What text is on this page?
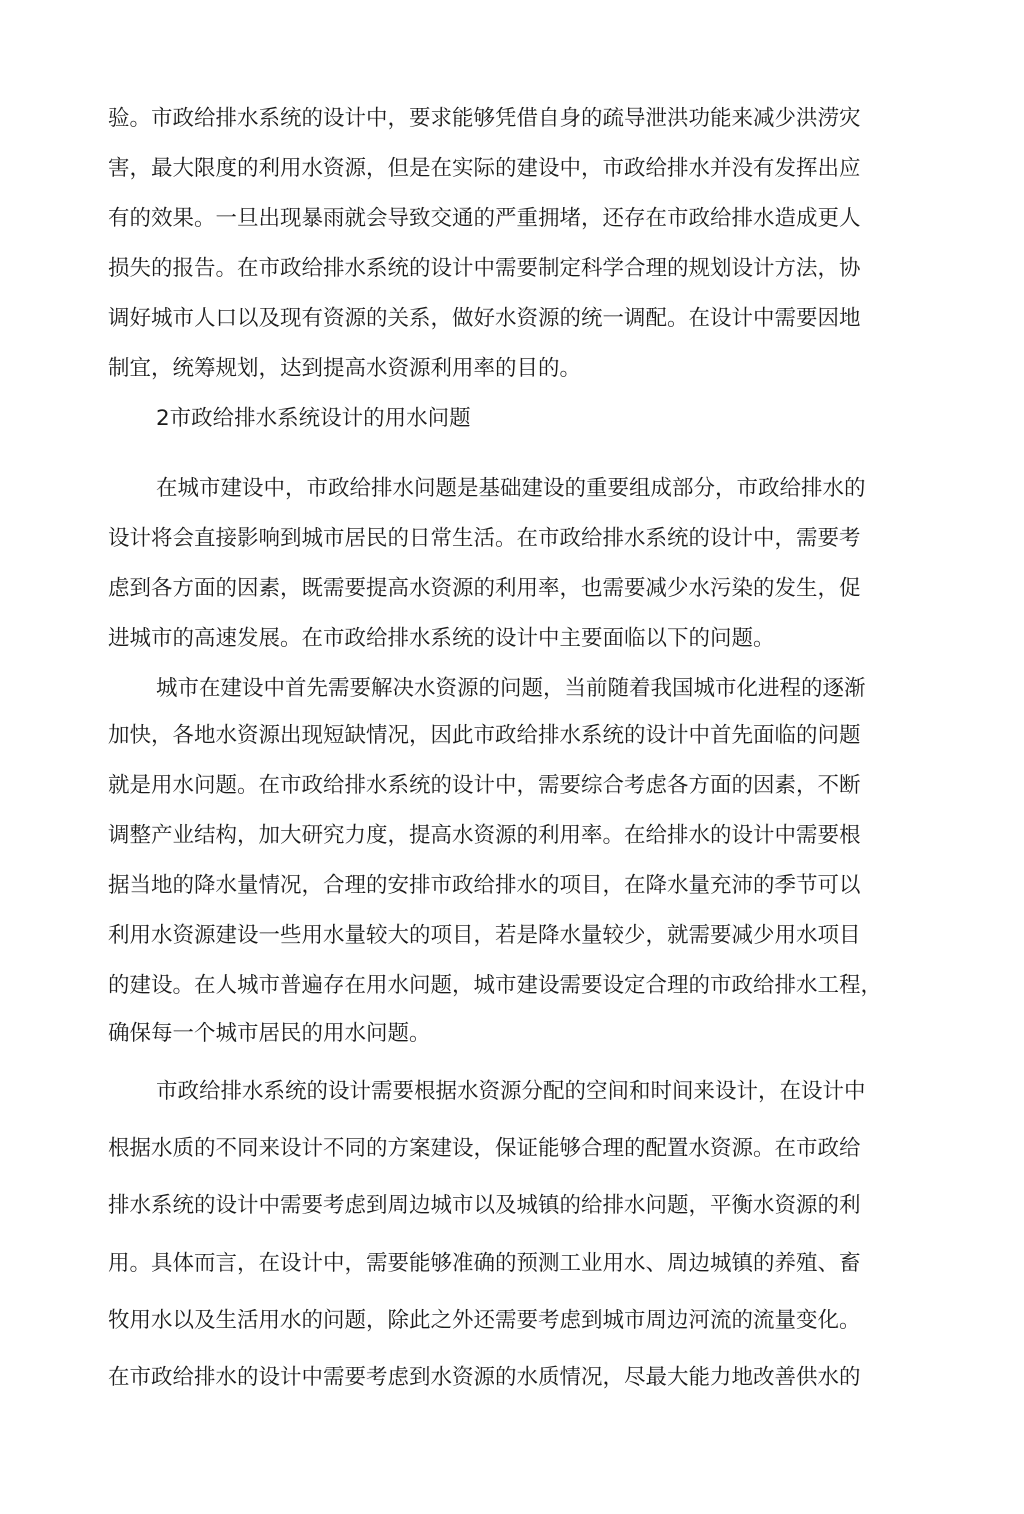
验。市政给排水系统的设计中，要求能够凭借自身的疏导泄洪功能来减少洪涝灾
害，最大限度的利用水资源，但是在实际的建设中，市政给排水并没有发挥出应
有的效果。一旦出现暴雨就会导致交通的严重拥堵，还存在市政给排水造成更人
损失的报告。在市政给排水系统的设计中需要制定科学合理的规划设计方法，协
调好城市人口以及现有资源的关系，做好水资源的统一调配。在设计中需要因地
制宜，统筹规划，达到提高水资源利用率的目的。
2市政给排水系统设计的用水问题
在城市建设中，市政给排水问题是基础建设的重要组成部分，市政给排水的
设计将会直接影响到城市居民的日常生活。在市政给排水系统的设计中，需要考
虑到各方面的因素，既需要提高水资源的利用率，也需要减少水污染的发生，促
进城市的高速发展。在市政给排水系统的设计中主要面临以下的问题。
城市在建设中首先需要解决水资源的问题，当前随着我国城市化进程的逐渐
加快，各地水资源出现短缺情况，因此市政给排水系统的设计中首先面临的问题
就是用水问题。在市政给排水系统的设计中，需要综合考虑各方面的因素，不断
调整产业结构，加大研究力度，提高水资源的利用率。在给排水的设计中需要根
据当地的降水量情况，合理的安排市政给排水的项目，在降水量充沛的季节可以
利用水资源建设一些用水量较大的项目，若是降水量较少，就需要减少用水项目
的建设。在人城市普遍存在用水问题，城市建设需要设定合理的市政给排水工程，
确保每一个城市居民的用水问题。
市政给排水系统的设计需要根据水资源分配的空间和时间来设计，在设计中
根据水质的不同来设计不同的方案建设，保证能够合理的配置水资源。在市政给
排水系统的设计中需要考虑到周边城市以及城镇的给排水问题，平衡水资源的利
用。具体而言，在设计中，需要能够准确的预测工业用水、周边城镇的养殖、畜
牧用水以及生活用水的问题，除此之外还需要考虑到城市周边河流的流量变化。
在市政给排水的设计中需要考虑到水资源的水质情况，尽最大能力地改善供水的
